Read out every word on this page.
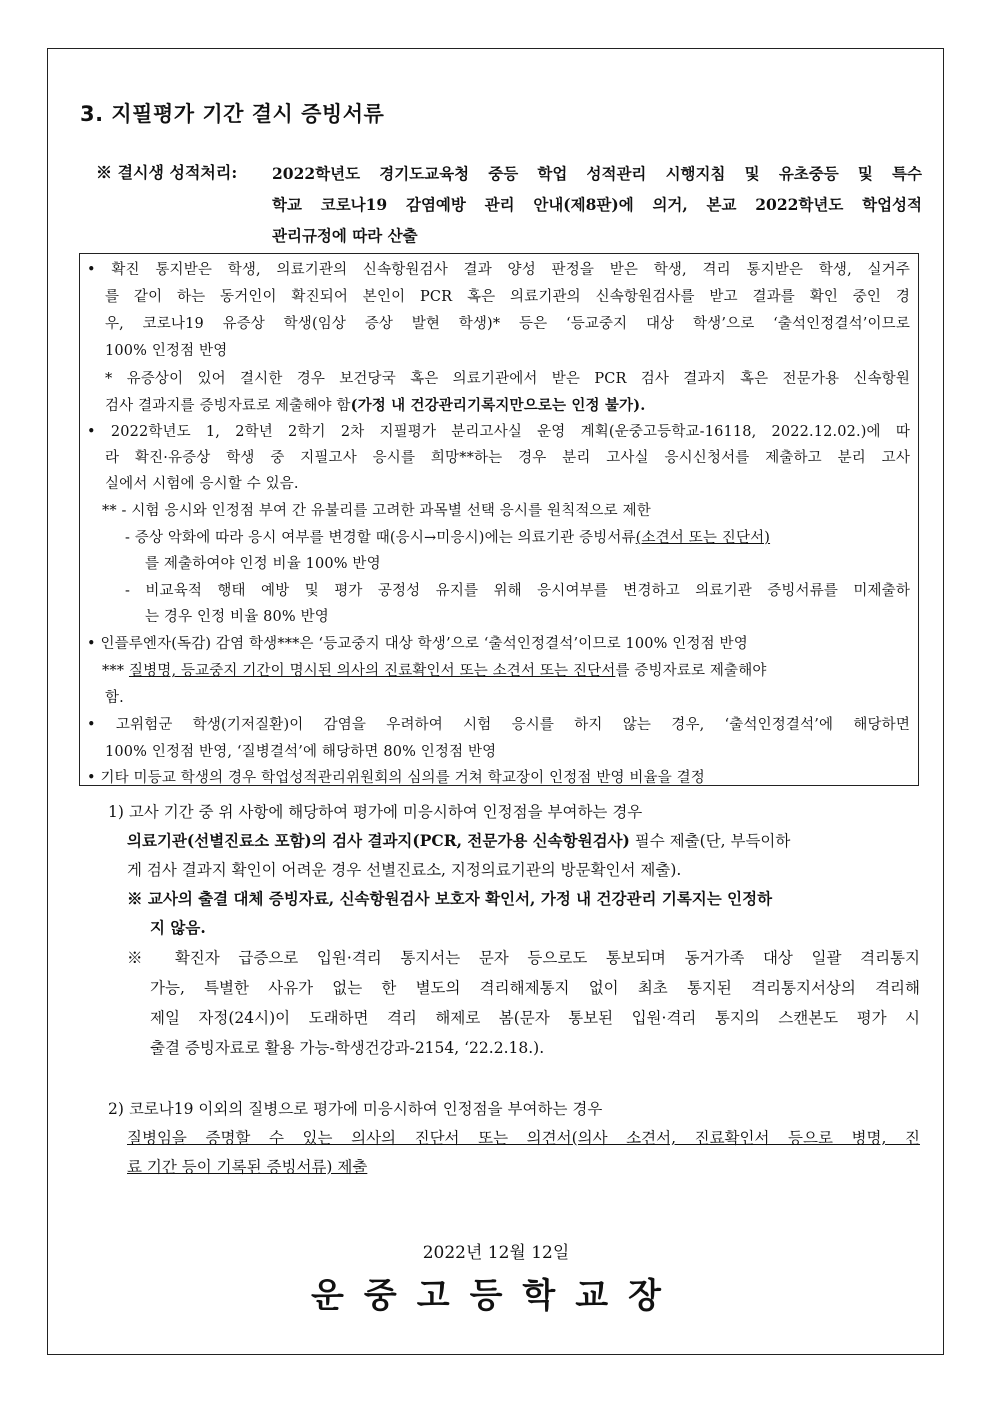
3. 지필평가 기간 결시 증빙서류
※ 결시생 성적처리: 2022학년도 경기도교육청 중등 학업 성적관리 시행지침 및 유초중등 및 특수
학교 코로나19 감염예방 관리 안내(제8판)에 의거, 본교 2022학년도 학업성적
관리규정에 따라 산출
• 확진 통지받은 학생, 의료기관의 신속항원검사 결과 양성 판정을 받은 학생, 격리 통지받은 학생, 실거주
를 같이 하는 동거인이 확진되어 본인이 PCR 혹은 의료기관의 신속항원검사를 받고 결과를 확인 중인 경
우, 코로나19 유증상 학생(임상 증상 발현 학생)* 등은 ‘등교중지 대상 학생’으로 ‘출석인정결석’이므로
100% 인정점 반영
* 유증상이 있어 결시한 경우 보건당국 혹은 의료기관에서 받은 PCR 검사 결과지 혹은 전문가용 신속항원
검사 결과지를 증빙자료로 제출해야 함(가정 내 건강관리기록지만으로는 인정 불가).
• 2022학년도 1, 2학년 2학기 2차 지필평가 분리고사실 운영 계획(운중고등학교-16118, 2022.12.02.)에 따
라 확진·유증상 학생 중 지필고사 응시를 희망**하는 경우 분리 고사실 응시신청서를 제출하고 분리 고사
실에서 시험에 응시할 수 있음.
** - 시험 응시와 인정점 부여 간 유불리를 고려한 과목별 선택 응시를 원칙적으로 제한
- 증상 악화에 따라 응시 여부를 변경할 때(응시→미응시)에는 의료기관 증빙서류(소견서 또는 진단서)
를 제출하여야 인정 비율 100% 반영
- 비교육적 행태 예방 및 평가 공정성 유지를 위해 응시여부를 변경하고 의료기관 증빙서류를 미제출하
는 경우 인정 비율 80% 반영
• 인플루엔자(독감) 감염 학생***은 ‘등교중지 대상 학생’으로 ‘출석인정결석’이므로 100% 인정점 반영
*** 질병명, 등교중지 기간이 명시된 의사의 진료확인서 또는 소견서 또는 진단서를 증빙자료로 제출해야
함.
• 고위험군 학생(기저질환)이 감염을 우려하여 시험 응시를 하지 않는 경우, ‘출석인정결석’에 해당하면
100% 인정점 반영, ‘질병결석’에 해당하면 80% 인정점 반영
• 기타 미등교 학생의 경우 학업성적관리위원회의 심의를 거쳐 학교장이 인정점 반영 비율을 결정
1) 고사 기간 중 위 사항에 해당하여 평가에 미응시하여 인정점을 부여하는 경우
의료기관(선별진료소 포함)의 검사 결과지(PCR, 전문가용 신속항원검사) 필수 제출(단, 부득이하
게 검사 결과지 확인이 어려운 경우 선별진료소, 지정의료기관의 방문확인서 제출).
※ 교사의 출결 대체 증빙자료, 신속항원검사 보호자 확인서, 가정 내 건강관리 기록지는 인정하
지 않음.
※ 확진자 급증으로 입원·격리 통지서는 문자 등으로도 통보되며 동거가족 대상 일괄 격리통지
가능, 특별한 사유가 없는 한 별도의 격리해제통지 없이 최초 통지된 격리통지서상의 격리해
제일 자정(24시)이 도래하면 격리 해제로 봄(문자 통보된 입원·격리 통지의 스캔본도 평가 시
출결 증빙자료로 활용 가능-학생건강과-2154, ‘22.2.18.).
2) 코로나19 이외의 질병으로 평가에 미응시하여 인정점을 부여하는 경우
질병임을 증명할 수 있는 의사의 진단서 또는 의견서(의사 소견서, 진료확인서 등으로 병명, 진
료 기간 등이 기록된 증빙서류) 제출
2022년 12월 12일
운중고등학교장
